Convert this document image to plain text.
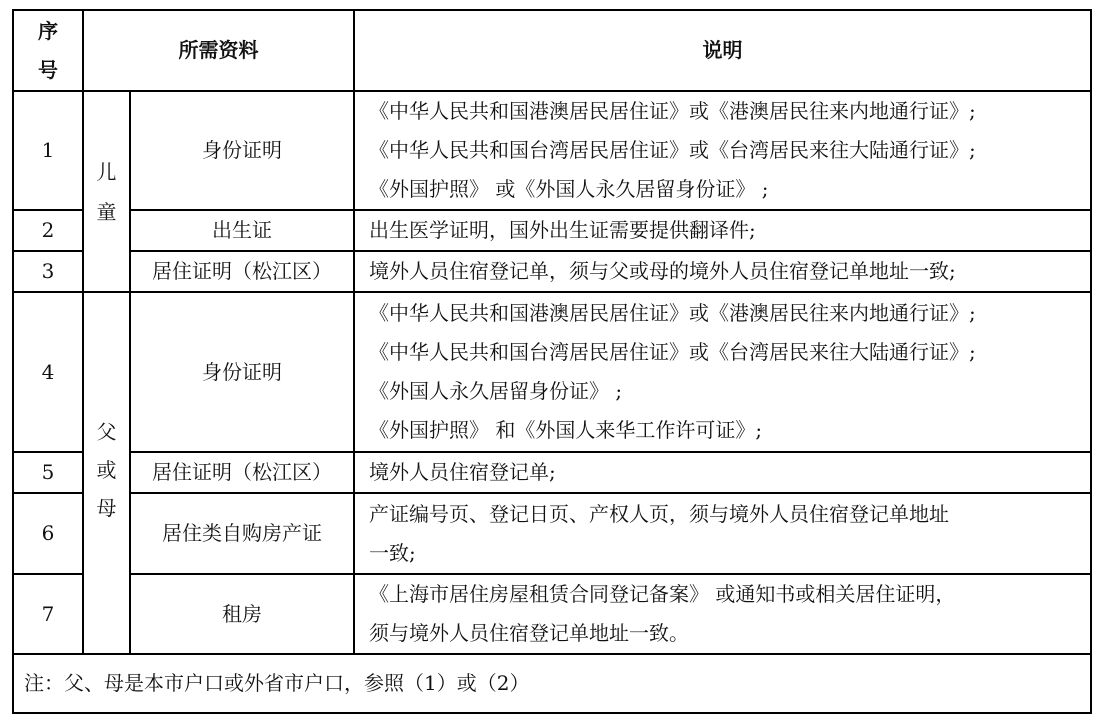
序号	所需资料		说明
1	儿童	身份证明	《中华人民共和国港澳居民居住证》或《港澳居民往来内地通行证》;
《中华人民共和国台湾居民居住证》或《台湾居民来往大陆通行证》;
《外国护照》 或《外国人永久居留身份证》 ;

2		出生证	出生医学证明，国外出生证需要提供翻译件;

3		居住证明（松江区）	境外人员住宿登记单，须与父或母的境外人员住宿登记单地址一致;

4	父或母	身份证明	《中华人民共和国港澳居民居住证》或《港澳居民往来内地通行证》;
《中华人民共和国台湾居民居住证》或《台湾居民来往大陆通行证》;
《外国人永久居留身份证》 ;
《外国护照》 和《外国人来华工作许可证》;

5		居住证明（松江区）	境外人员住宿登记单;

6		居住类自购房产证	产证编号页、登记日页、产权人页，须与境外人员住宿登记单地址
一致;

7		租房	《上海市居住房屋租赁合同登记备案》 或通知书或相关居住证明，
须与境外人员住宿登记单地址一致。

注：父、母是本市户口或外省市户口，参照（1）或（2）			
